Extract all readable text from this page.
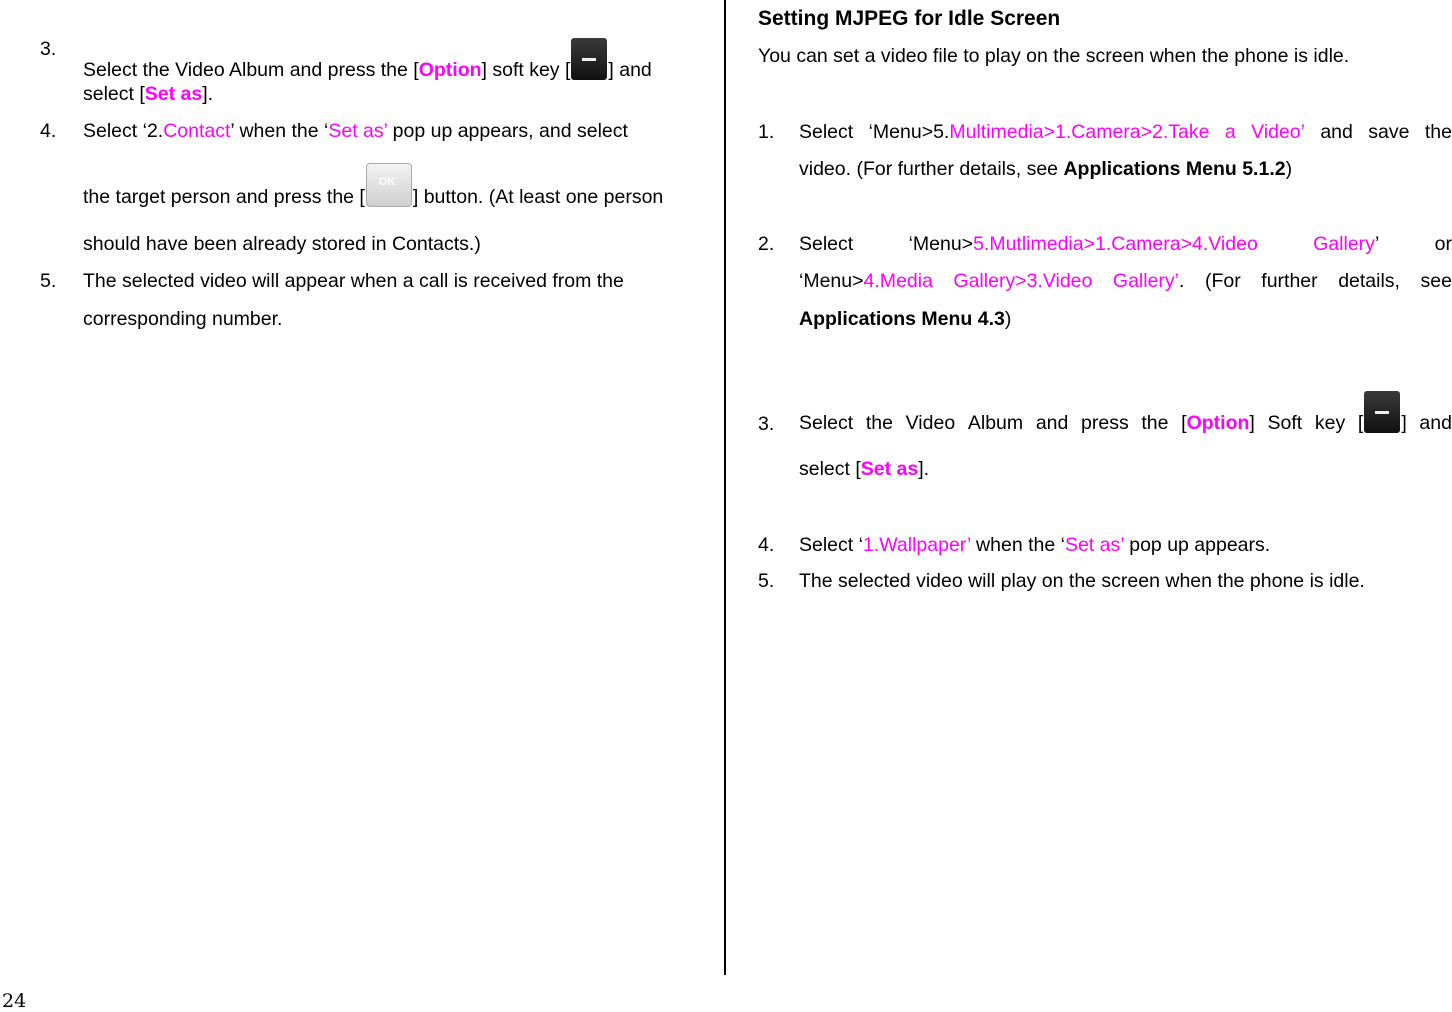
3.
Select the Video Album and press the [Option] soft key [ ] and
select [Set as].
4. Select ‘2.Contact’ when the ‘Set as’ pop up appears, and select
the target person and press the [OK ] button. (At least one person
should have been already stored in Contacts.)
5. The selected video will appear when a call is received from the
corresponding number.
Setting MJPEG for Idle Screen
You can set a video file to play on the screen when the phone is idle.
1. Select ‘Menu>5.Multimedia>1.Camera>2.Take a Video’ and save the
video. (For further details, see Applications Menu 5.1.2)
2. Select	‘Menu>5.Mutlimedia>1.Camera>4.Video	Gallery’	or
‘Menu>4.Media Gallery>3.Video Gallery’. (For further details, see
Applications Menu 4.3)
3. Select the Video Album and press the [Option] Soft key [ ] and
select [Set as].
4. Select ‘1.Wallpaper’ when the ‘Set as’ pop up appears.
5. The selected video will play on the screen when the phone is idle.
24
